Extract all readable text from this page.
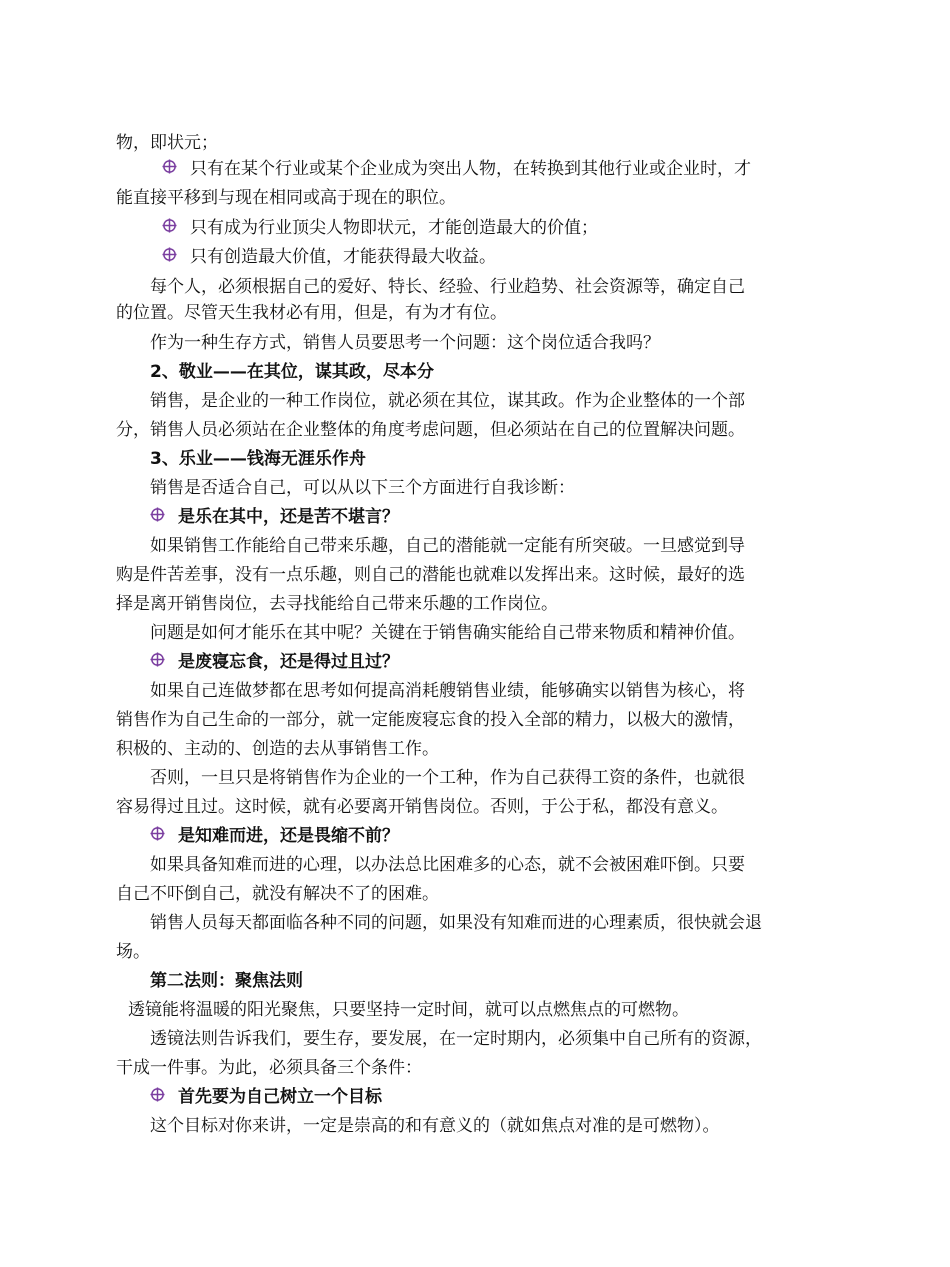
物，即状元；
只有在某个行业或某个企业成为突出人物，在转换到其他行业或企业时，才
能直接平移到与现在相同或高于现在的职位。
只有成为行业顶尖人物即状元，才能创造最大的价值；
只有创造最大价值，才能获得最大收益。
每个人，必须根据自己的爱好、特长、经验、行业趋势、社会资源等，确定自己
的位置。尽管天生我材必有用，但是，有为才有位。
作为一种生存方式，销售人员要思考一个问题：这个岗位适合我吗？
2、敬业——在其位，谋其政，尽本分
销售，是企业的一种工作岗位，就必须在其位，谋其政。作为企业整体的一个部
分，销售人员必须站在企业整体的角度考虑问题，但必须站在自己的位置解决问题。
3、乐业——钱海无涯乐作舟
销售是否适合自己，可以从以下三个方面进行自我诊断：
是乐在其中，还是苦不堪言？
如果销售工作能给自己带来乐趣，自己的潜能就一定能有所突破。一旦感觉到导
购是件苦差事，没有一点乐趣，则自己的潜能也就难以发挥出来。这时候，最好的选
择是离开销售岗位，去寻找能给自己带来乐趣的工作岗位。
问题是如何才能乐在其中呢？关键在于销售确实能给自己带来物质和精神价值。
是废寝忘食，还是得过且过？
如果自己连做梦都在思考如何提高消耗艘销售业绩，能够确实以销售为核心，将
销售作为自己生命的一部分，就一定能废寝忘食的投入全部的精力，以极大的激情，
积极的、主动的、创造的去从事销售工作。
否则，一旦只是将销售作为企业的一个工种，作为自己获得工资的条件，也就很
容易得过且过。这时候，就有必要离开销售岗位。否则，于公于私，都没有意义。
是知难而进，还是畏缩不前？
如果具备知难而进的心理，以办法总比困难多的心态，就不会被困难吓倒。只要
自己不吓倒自己，就没有解决不了的困难。
销售人员每天都面临各种不同的问题，如果没有知难而进的心理素质，很快就会退
场。
第二法则：聚焦法则
透镜能将温暖的阳光聚焦，只要坚持一定时间，就可以点燃焦点的可燃物。
透镜法则告诉我们，要生存，要发展，在一定时期内，必须集中自己所有的资源，
干成一件事。为此，必须具备三个条件：
首先要为自己树立一个目标
这个目标对你来讲，一定是崇高的和有意义的（就如焦点对准的是可燃物）。
